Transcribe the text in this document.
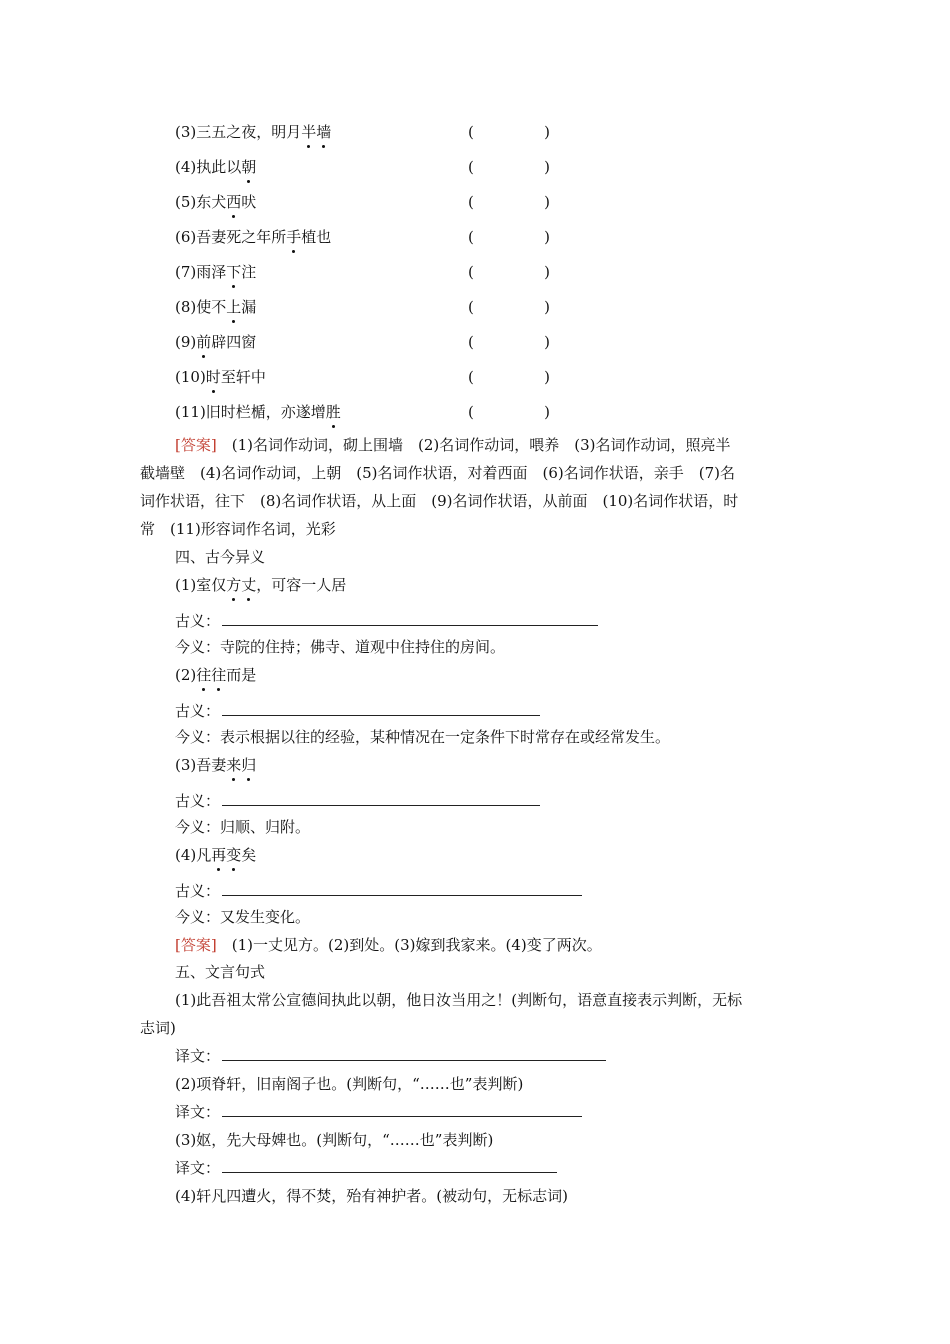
(3)三五之夜，明月半墙	(	)
(4)执此以朝	(	)
(5)东犬西吠	(	)
(6)吾妻死之年所手植也	(	)
(7)雨泽下注	(	)
(8)使不上漏	(	)
(9)前辟四窗	(	)
(10)时至轩中	(	)
(11)旧时栏楯，亦遂增胜	(	)
[答案]　 (1)名词作动词，砌上围墙　(2)名词作动词，喂养　(3)名词作动词，照亮半
截墙壁　(4)名词作动词，上朝　(5)名词作状语，对着西面　(6)名词作状语，亲手　(7)名
词作状语，往下　(8)名词作状语，从上面　(9)名词作状语，从前面　(10)名词作状语，时
常　(11)形容词作名词，光彩
四、古今异义
(1)室仅方丈，可容一人居
古义：
今义：寺院的住持；佛寺、道观中住持住的房间。
(2)往往而是
古义：
今义：表示根据以往的经验，某种情况在一定条件下时常存在或经常发生。
(3)吾妻来归
古义：
今义：归顺、归附。
(4)凡再变矣
古义：
今义：又发生变化。
[答案]　 (1)一丈见方。(2)到处。(3)嫁到我家来。(4)变了两次。
五、文言句式
(1)此吾祖太常公宣德间执此以朝，他日汝当用之！(判断句，语意直接表示判断，无标
志词)
译文：
(2)项脊轩，旧南阁子也。(判断句，“……也”表判断)
译文：
(3)妪，先大母婢也。(判断句，“……也”表判断)
译文：
(4)轩凡四遭火，得不焚，殆有神护者。(被动句，无标志词)
